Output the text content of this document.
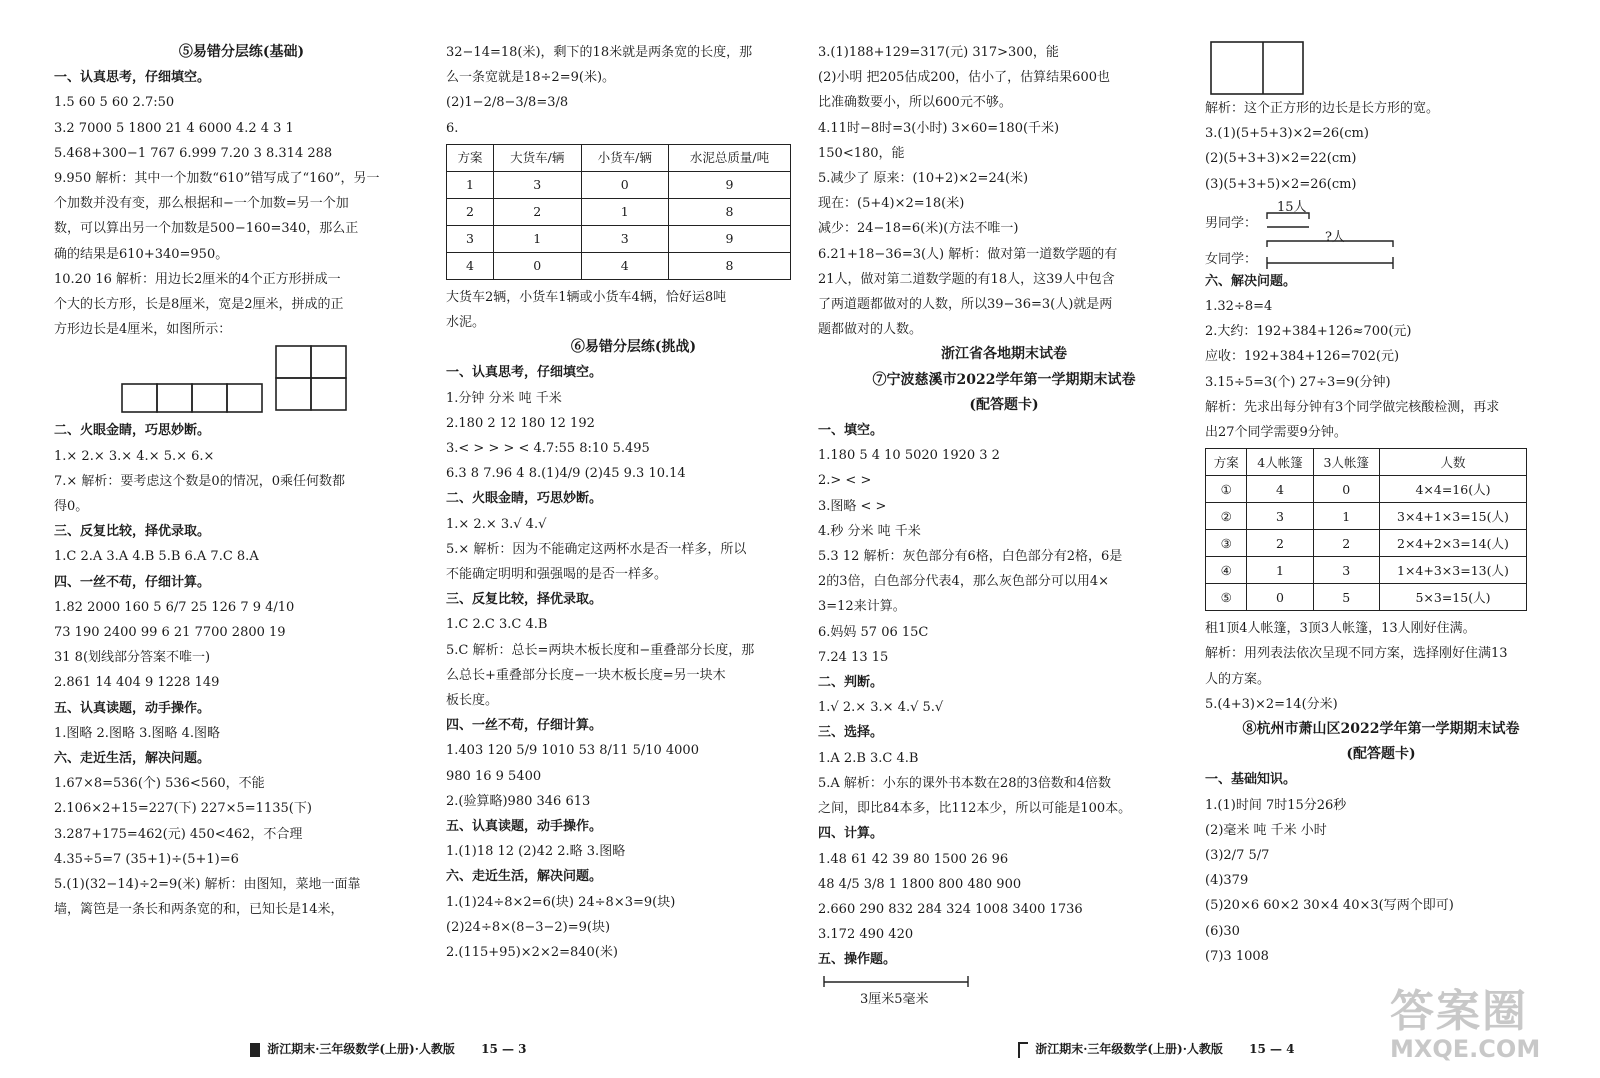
⑤易错分层练(基础)
一、认真思考，仔细填空。
1.5 60 5 60 2.7:50
3.2 7000 5 1800 21 4 6000 4.2 4 3 1
5.468+300−1 767 6.999 7.20 3 8.314 288
9.950 解析：其中一个加数“610”错写成了“160”，另一
个加数并没有变，那么根据和−一个加数=另一个加
数，可以算出另一个加数是500−160=340，那么正
确的结果是610+340=950。
10.20 16 解析：用边长2厘米的4个正方形拼成一
个大的长方形，长是8厘米，宽是2厘米，拼成的正
方形边长是4厘米，如图所示：
二、火眼金睛，巧思妙断。
1.× 2.× 3.× 4.× 5.× 6.×
7.× 解析：要考虑这个数是0的情况，0乘任何数都
得0。
三、反复比较，择优录取。
1.C 2.A 3.A 4.B 5.B 6.A 7.C 8.A
四、一丝不苟，仔细计算。
1.82 2000 160 5 6/7 25 126 7 9 4/10
73 190 2400 99 6 21 7700 2800 19
31 8(划线部分答案不唯一)
2.861 14 404 9 1228 149
五、认真读题，动手操作。
1.图略 2.图略 3.图略 4.图略
六、走近生活，解决问题。
1.67×8=536(个) 536<560，不能
2.106×2+15=227(下) 227×5=1135(下)
3.287+175=462(元) 450<462，不合理
4.35÷5=7 (35+1)÷(5+1)=6
5.(1)(32−14)÷2=9(米) 解析：由图知，菜地一面靠
墙，篱笆是一条长和两条宽的和，已知长是14米，
32−14=18(米)，剩下的18米就是两条宽的长度，那
么一条宽就是18÷2=9(米)。
(2)1−2/8−3/8=3/8
6.
方案	大货车/辆	小货车/辆	水泥总质量/吨
1	3	0	9
2	2	1	8
3	1	3	9
4	0	4	8
大货车2辆，小货车1辆或小货车4辆，恰好运8吨
水泥。
⑥易错分层练(挑战)
一、认真思考，仔细填空。
1.分钟 分米 吨 千米
2.180 2 12 180 12 192
3.< > > > < 4.7:55 8:10 5.495
6.3 8 7.96 4 8.(1)4/9 (2)45 9.3 10.14
二、火眼金睛，巧思妙断。
1.× 2.× 3.√ 4.√
5.× 解析：因为不能确定这两杯水是否一样多，所以
不能确定明明和强强喝的是否一样多。
三、反复比较，择优录取。
1.C 2.C 3.C 4.B
5.C 解析：总长=两块木板长度和−重叠部分长度，那
么总长+重叠部分长度−一块木板长度=另一块木
板长度。
四、一丝不苟，仔细计算。
1.403 120 5/9 1010 53 8/11 5/10 4000
980 16 9 5400
2.(验算略)980 346 613
五、认真读题，动手操作。
1.(1)18 12 (2)42 2.略 3.图略
六、走近生活，解决问题。
1.(1)24÷8×2=6(块) 24÷8×3=9(块)
(2)24÷8×(8−3−2)=9(块)
2.(115+95)×2×2=840(米)
3.(1)188+129=317(元) 317>300，能
(2)小明 把205估成200，估小了，估算结果600也
比准确数要小，所以600元不够。
4.11时−8时=3(小时) 3×60=180(千米)
150<180，能
5.减少了 原来：(10+2)×2=24(米)
现在：(5+4)×2=18(米)
减少：24−18=6(米)(方法不唯一)
6.21+18−36=3(人) 解析：做对第一道数学题的有
21人，做对第二道数学题的有18人，这39人中包含
了两道题都做对的人数，所以39−36=3(人)就是两
题都做对的人数。
浙江省各地期末试卷
⑦宁波慈溪市2022学年第一学期期末试卷
(配答题卡)
一、填空。
1.180 5 4 10 5020 1920 3 2
2.> < >
3.图略 < >
4.秒 分米 吨 千米
5.3 12 解析：灰色部分有6格，白色部分有2格，6是
2的3倍，白色部分代表4，那么灰色部分可以用4×
3=12来计算。
6.妈妈 57 06 15C
7.24 13 15
二、判断。
1.√ 2.× 3.× 4.√ 5.√
三、选择。
1.A 2.B 3.C 4.B
5.A 解析：小东的课外书本数在28的3倍数和4倍数
之间，即比84本多，比112本少，所以可能是100本。
四、计算。
1.48 61 42 39 80 1500 26 96
48 4/5 3/8 1 1800 800 480 900
2.660 290 832 284 324 1008 3400 1736
3.172 490 420
五、操作题。
3厘米5毫米
解析：这个正方形的边长是长方形的宽。
3.(1)(5+5+3)×2=26(cm)
(2)(5+3+3)×2=22(cm)
(3)(5+3+5)×2=26(cm)
男同学：
15人
女同学：
?人
六、解决问题。
1.32÷8=4
2.大约：192+384+126≈700(元)
应收：192+384+126=702(元)
3.15÷5=3(个) 27÷3=9(分钟)
解析：先求出每分钟有3个同学做完核酸检测，再求
出27个同学需要9分钟。
方案	4人帐篷	3人帐篷	人数
①	4	0	4×4=16(人)
②	3	1	3×4+1×3=15(人)
③	2	2	2×4+2×3=14(人)
④	1	3	1×4+3×3=13(人)
⑤	0	5	5×3=15(人)
租1顶4人帐篷，3顶3人帐篷，13人刚好住满。
解析：用列表法依次呈现不同方案，选择刚好住满13
人的方案。
5.(4+3)×2=14(分米)
⑧杭州市萧山区2022学年第一学期期末试卷
(配答题卡)
一、基础知识。
1.(1)时间 7时15分26秒
(2)毫米 吨 千米 小时
(3)2/7 5/7
(4)379
(5)20×6 60×2 30×4 40×3(写两个即可)
(6)30
(7)3 1008
浙江期末·三年级数学(上册)·人教版 15 — 3	浙江期末·三年级数学(上册)·人教版 15 — 4
答案圈
MXQE.COM
